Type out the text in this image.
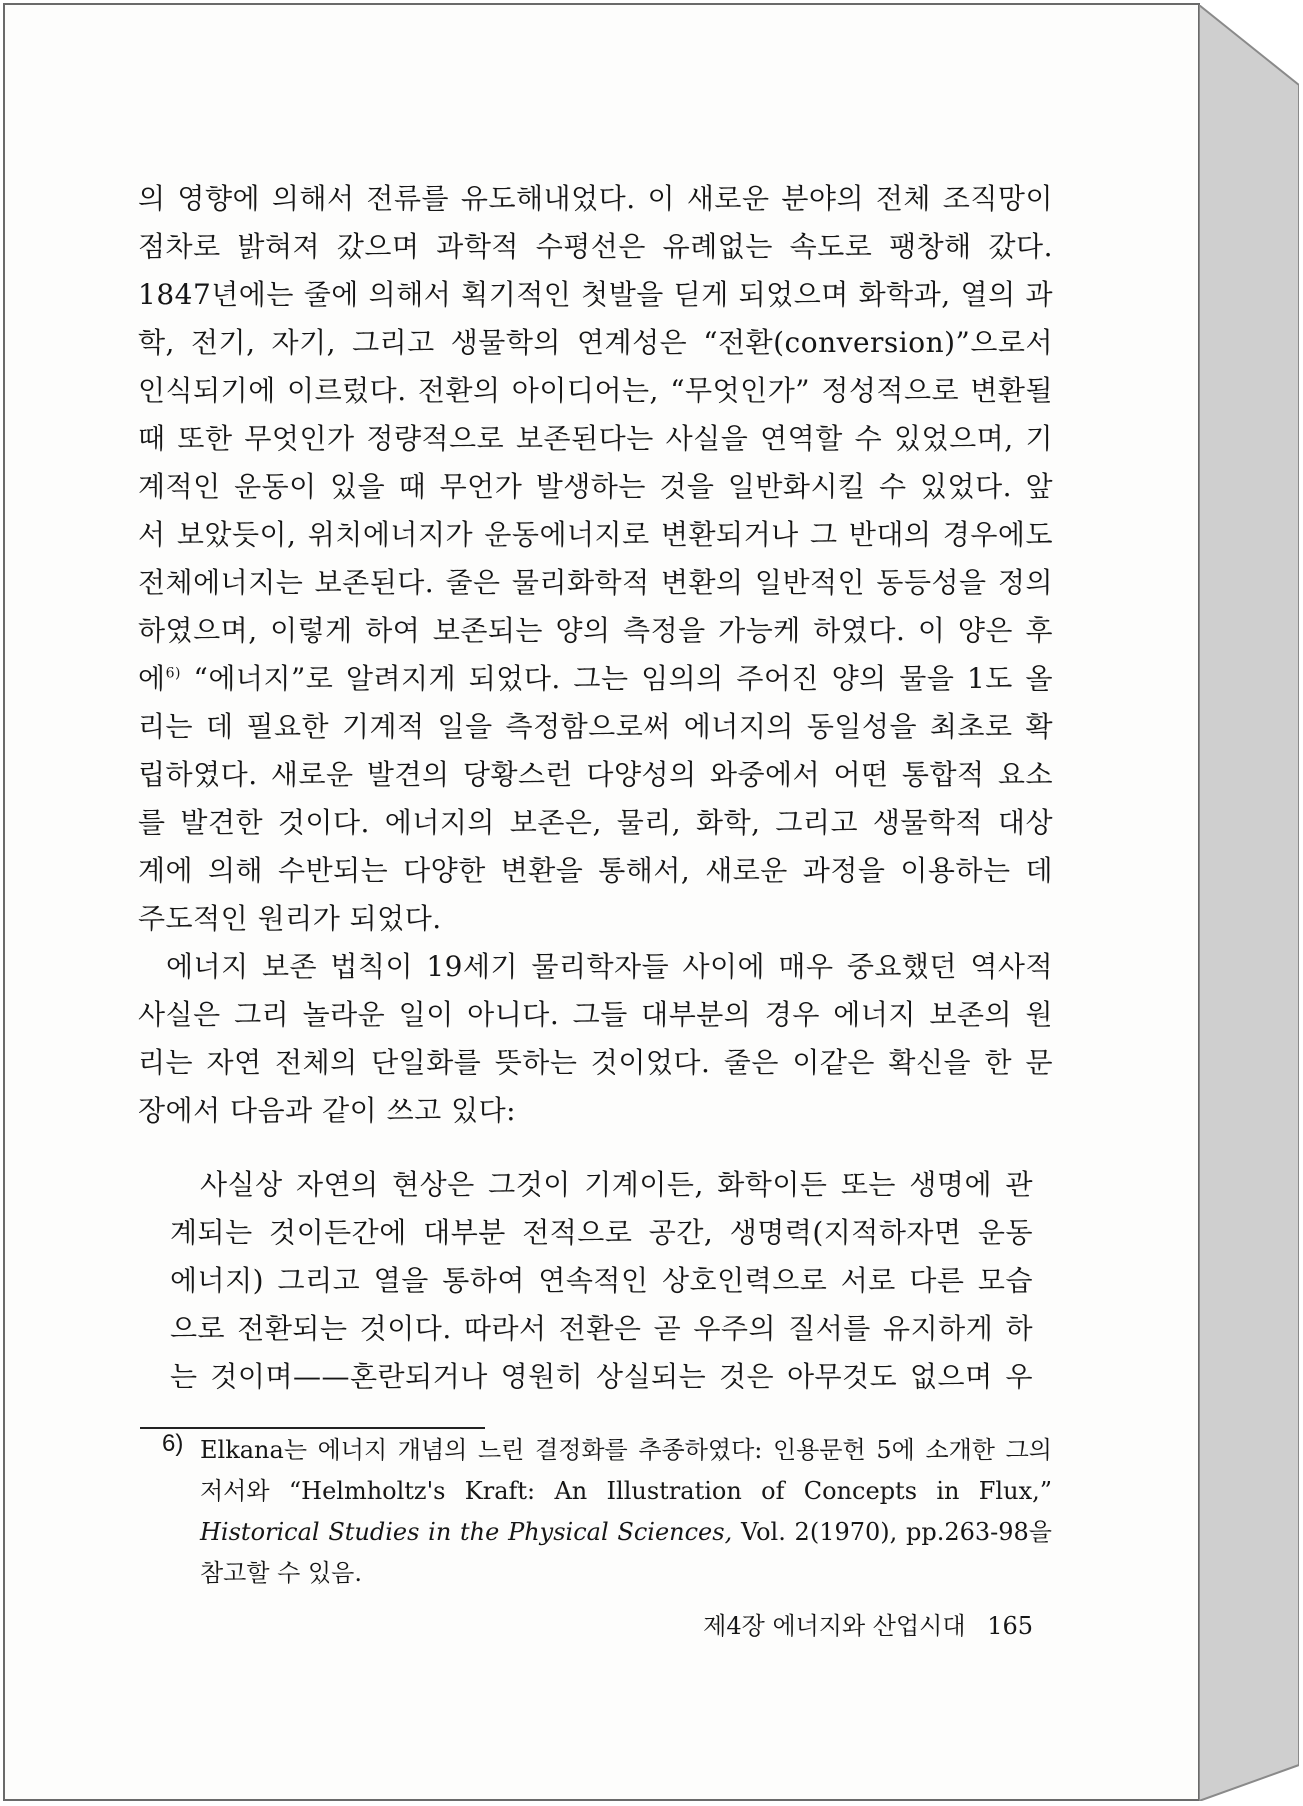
의 영향에 의해서 전류를 유도해내었다. 이 새로운 분야의 전체 조직망이
점차로 밝혀져 갔으며 과학적 수평선은 유례없는 속도로 팽창해 갔다.
1847년에는 줄에 의해서 획기적인 첫발을 딛게 되었으며 화학과, 열의 과
학, 전기, 자기, 그리고 생물학의 연계성은 “전환(conversion)”으로서
인식되기에 이르렀다. 전환의 아이디어는, “무엇인가” 정성적으로 변환될
때 또한 무엇인가 정량적으로 보존된다는 사실을 연역할 수 있었으며, 기
계적인 운동이 있을 때 무언가 발생하는 것을 일반화시킬 수 있었다. 앞
서 보았듯이, 위치에너지가 운동에너지로 변환되거나 그 반대의 경우에도
전체에너지는 보존된다. 줄은 물리화학적 변환의 일반적인 동등성을 정의
하였으며, 이렇게 하여 보존되는 양의 측정을 가능케 하였다. 이 양은 후
에$^{6)}$ “에너지”로 알려지게 되었다. 그는 임의의 주어진 양의 물을 1도 올
리는 데 필요한 기계적 일을 측정함으로써 에너지의 동일성을 최초로 확
립하였다. 새로운 발견의 당황스런 다양성의 와중에서 어떤 통합적 요소
를 발견한 것이다. 에너지의 보존은, 물리, 화학, 그리고 생물학적 대상
계에 의해 수반되는 다양한 변환을 통해서, 새로운 과정을 이용하는 데
주도적인 원리가 되었다.
에너지 보존 법칙이 19세기 물리학자들 사이에 매우 중요했던 역사적
사실은 그리 놀라운 일이 아니다. 그들 대부분의 경우 에너지 보존의 원
리는 자연 전체의 단일화를 뜻하는 것이었다. 줄은 이같은 확신을 한 문
장에서 다음과 같이 쓰고 있다:
사실상 자연의 현상은 그것이 기계이든, 화학이든 또는 생명에 관
계되는 것이든간에 대부분 전적으로 공간, 생명력(지적하자면 운동
에너지) 그리고 열을 통하여 연속적인 상호인력으로 서로 다른 모습
으로 전환되는 것이다. 따라서 전환은 곧 우주의 질서를 유지하게 하
는 것이며——혼란되거나 영원히 상실되는 것은 아무것도 없으며 우
6) Elkana는 에너지 개념의 느린 결정화를 추종하였다: 인용문헌 5에 소개한 그의
저서와 “Helmholtz's Kraft: An Illustration of Concepts in Flux,”
Historical Studies in the Physical Sciences, Vol. 2(1970), pp.263-98을
참고할 수 있음.
제4장 에너지와 산업시대 165
